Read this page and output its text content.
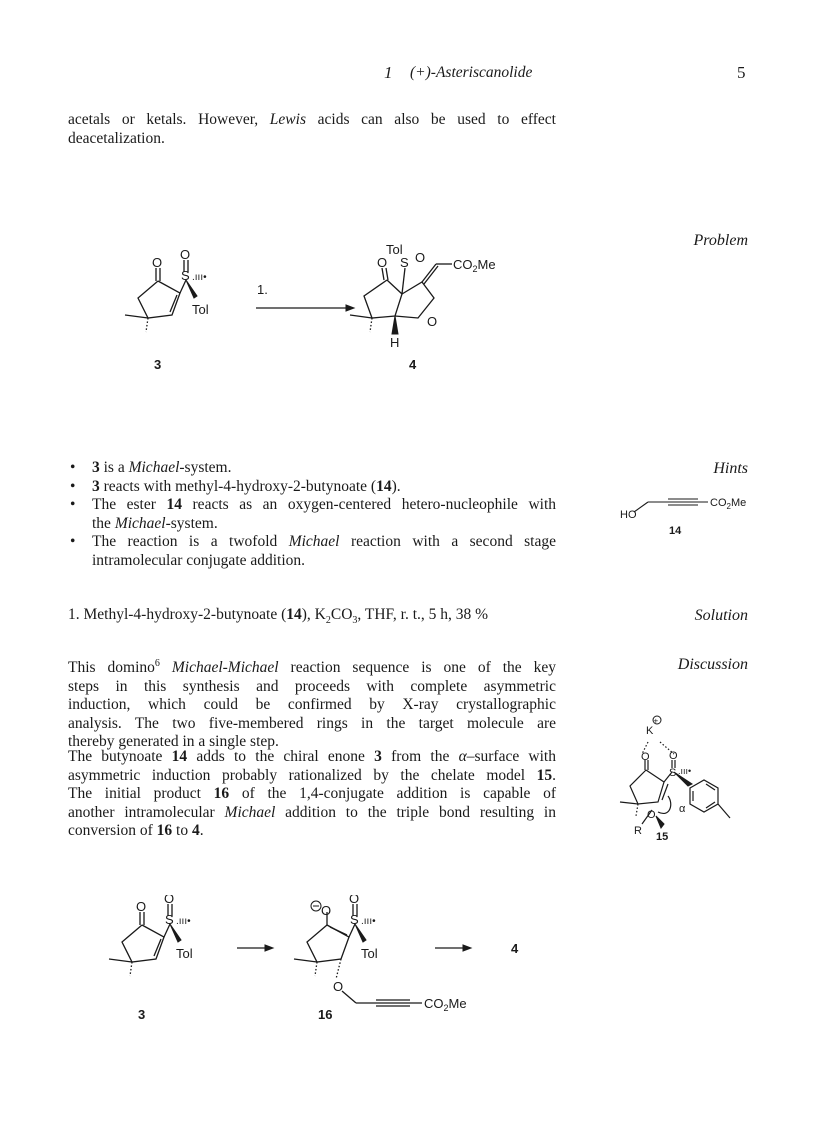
1 (+)-Asteriscanolide	5
acetals or ketals. However, Lewis acids can also be used to effect
deacetalization.
Problem
Hints
Solution
Discussion
O
O
S
Tol
.ııı•
1.
3
Tol
O S O $CO_2Me$
O
H
4
• 3 is a Michael-system.
• 3 reacts with methyl-4-hydroxy-2-butynoate (14).
• The ester 14 reacts as an oxygen-centered hetero-nucleophile with
the Michael-system.
• The reaction is a twofold Michael reaction with a second stage
intramolecular conjugate addition.
HO
$CO_2Me$
14
1. Methyl-4-hydroxy-2-butynoate (14), $K_2CO_3$, THF, r. t., 5 h, 38 %
This domino$^6$ Michael-Michael reaction sequence is one of the key
steps in this synthesis and proceeds with complete asymmetric
induction, which could be confirmed by X-ray crystallographic
analysis. The two five-membered rings in the target molecule are
thereby generated in a single step.
The butynoate 14 adds to the chiral enone 3 from the α–surface with
asymmetric induction probably rationalized by the chelate model 15.
The initial product 16 of the 1,4-conjugate addition is capable of
another intramolecular Michael addition to the triple bond resulting in
conversion of 16 to 4.
K
+
O O
S .ııı•
O
R
α
15
O
O
S .ııı•
Tol
3
O
O
S .ııı•
Tol
O
$CO_2Me$
16
4
